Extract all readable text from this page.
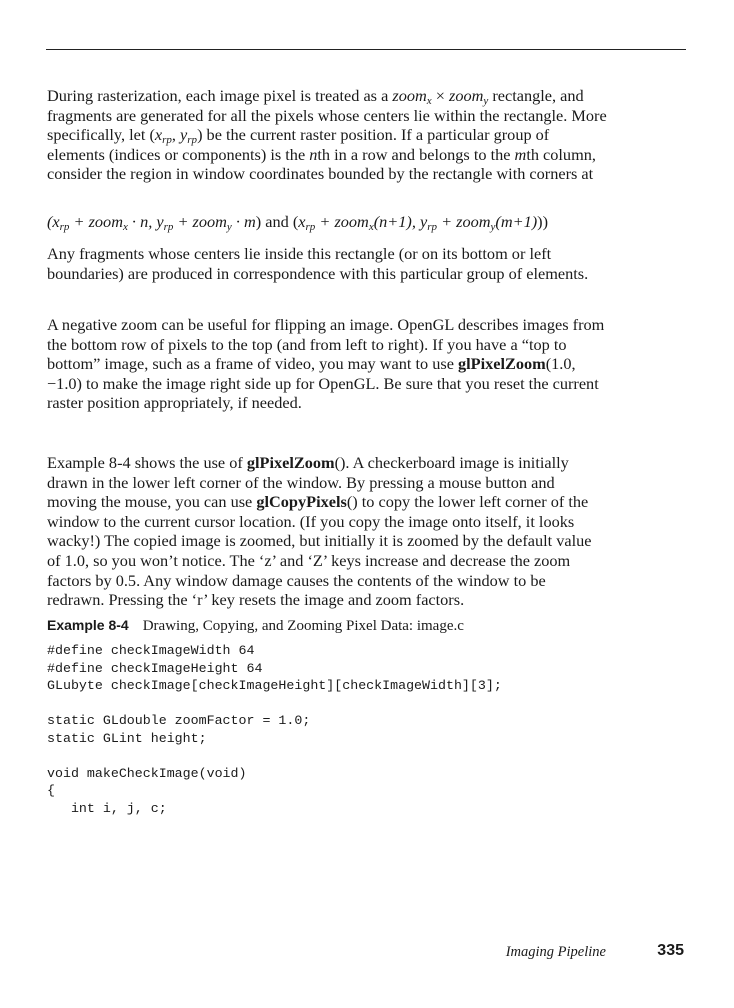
During rasterization, each image pixel is treated as a zoom$_x$ × zoom$_y$ rectangle, and fragments are generated for all the pixels whose centers lie within the rectangle. More specifically, let ($x_{rp}$, $y_{rp}$) be the current raster position. If a particular group of elements (indices or components) is the nth in a row and belongs to the mth column, consider the region in window coordinates bounded by the rectangle with corners at

($x_{rp}$ + zoom$_x$ · n, $y_{rp}$ + zoom$_y$ · m) and ($x_{rp}$ + zoom$_x$(n+1), $y_{rp}$ + zoom$_y$(m+1)))

Any fragments whose centers lie inside this rectangle (or on its bottom or left boundaries) are produced in correspondence with this particular group of elements.

A negative zoom can be useful for flipping an image. OpenGL describes images from the bottom row of pixels to the top (and from left to right). If you have a “top to bottom” image, such as a frame of video, you may want to use glPixelZoom(1.0, −1.0) to make the image right side up for OpenGL. Be sure that you reset the current raster position appropriately, if needed.

Example 8-4 shows the use of glPixelZoom(). A checkerboard image is initially drawn in the lower left corner of the window. By pressing a mouse button and moving the mouse, you can use glCopyPixels() to copy the lower left corner of the window to the current cursor location. (If you copy the image onto itself, it looks wacky!) The copied image is zoomed, but initially it is zoomed by the default value of 1.0, so you won’t notice. The ‘z’ and ‘Z’ keys increase and decrease the zoom factors by 0.5. Any window damage causes the contents of the window to be redrawn. Pressing the ‘r’ key resets the image and zoom factors.

Example 8-4 Drawing, Copying, and Zooming Pixel Data: image.c
#define checkImageWidth 64
#define checkImageHeight 64
GLubyte checkImage[checkImageHeight][checkImageWidth][3];

static GLdouble zoomFactor = 1.0;
static GLint height;

void makeCheckImage(void)
{
int i, j, c;
Imaging Pipeline	335
